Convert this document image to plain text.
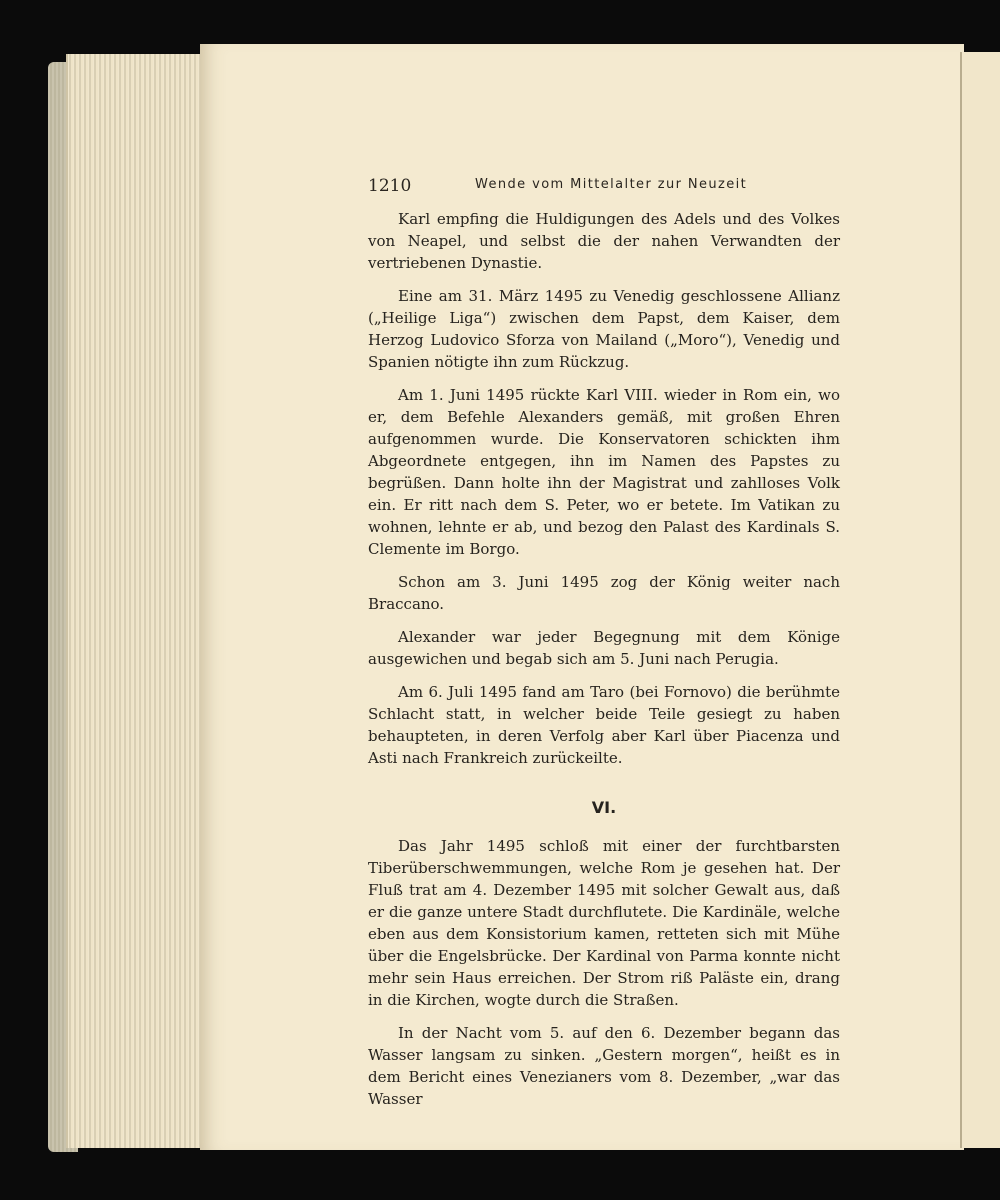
1210	Wende vom Mittelalter zur Neuzeit

Karl empfing die Huldigungen des Adels und des Volkes von Neapel, und selbst die der nahen Verwandten der vertriebenen Dynastie.

Eine am 31. März 1495 zu Venedig geschlossene Allianz („Heilige Liga“) zwischen dem Papst, dem Kaiser, dem Herzog Ludovico Sforza von Mailand („Moro“), Venedig und Spanien nötigte ihn zum Rückzug.

Am 1. Juni 1495 rückte Karl VIII. wieder in Rom ein, wo er, dem Befehle Alexanders gemäß, mit großen Ehren aufgenommen wurde. Die Konservatoren schickten ihm Abgeordnete entgegen, ihn im Namen des Papstes zu begrüßen. Dann holte ihn der Magistrat und zahlloses Volk ein. Er ritt nach dem S. Peter, wo er betete. Im Vatikan zu wohnen, lehnte er ab, und bezog den Palast des Kardinals S. Clemente im Borgo.

Schon am 3. Juni 1495 zog der König weiter nach Braccano.

Alexander war jeder Begegnung mit dem Könige ausgewichen und begab sich am 5. Juni nach Perugia.

Am 6. Juli 1495 fand am Taro (bei Fornovo) die berühmte Schlacht statt, in welcher beide Teile gesiegt zu haben behaupteten, in deren Verfolg aber Karl über Piacenza und Asti nach Frankreich zurückeilte.

VI.

Das Jahr 1495 schloß mit einer der furchtbarsten Tiberüberschwemmungen, welche Rom je gesehen hat. Der Fluß trat am 4. Dezember 1495 mit solcher Gewalt aus, daß er die ganze untere Stadt durchflutete. Die Kardinäle, welche eben aus dem Konsistorium kamen, retteten sich mit Mühe über die Engelsbrücke. Der Kardinal von Parma konnte nicht mehr sein Haus erreichen. Der Strom riß Paläste ein, drang in die Kirchen, wogte durch die Straßen.

In der Nacht vom 5. auf den 6. Dezember begann das Wasser langsam zu sinken. „Gestern morgen“, heißt es in dem Bericht eines Venezianers vom 8. Dezember, „war das Wasser
